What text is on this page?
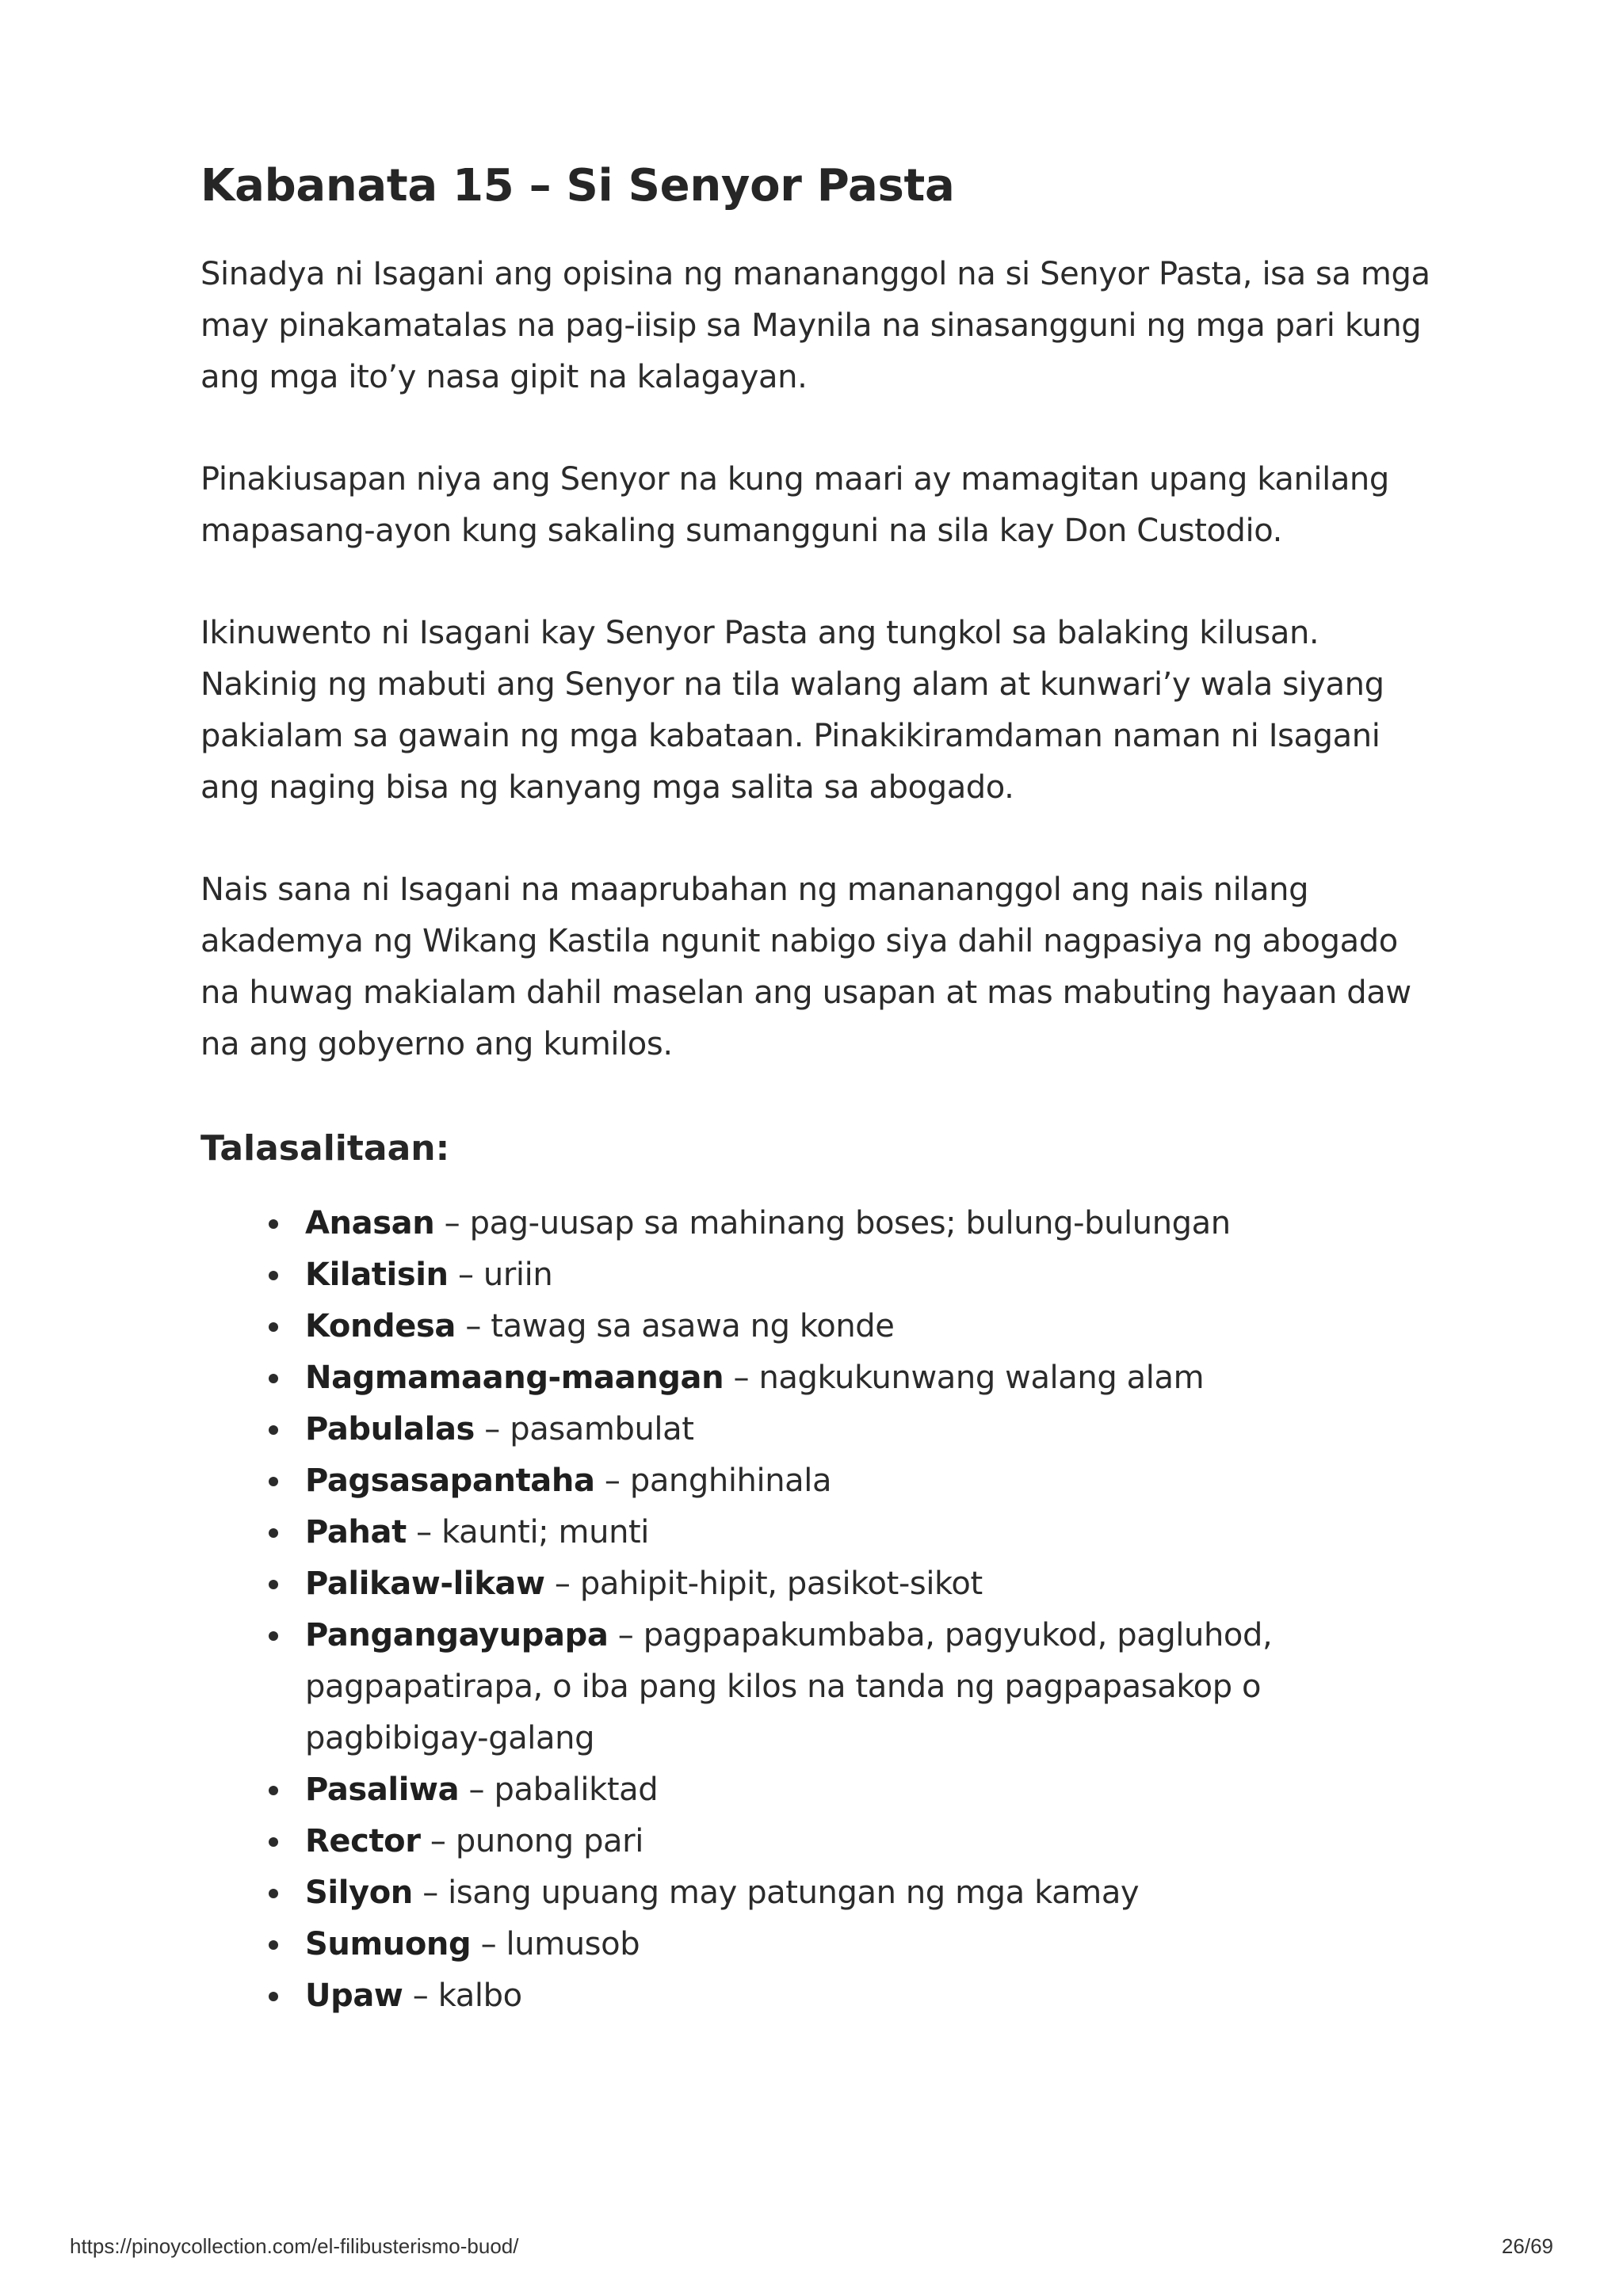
Kabanata 15 – Si Senyor Pasta

Sinadya ni Isagani ang opisina ng manananggol na si Senyor Pasta, isa sa mga may pinakamatalas na pag-iisip sa Maynila na sinasangguni ng mga pari kung ang mga ito’y nasa gipit na kalagayan.

Pinakiusapan niya ang Senyor na kung maari ay mamagitan upang kanilang mapasang-ayon kung sakaling sumangguni na sila kay Don Custodio.

Ikinuwento ni Isagani kay Senyor Pasta ang tungkol sa balaking kilusan. Nakinig ng mabuti ang Senyor na tila walang alam at kunwari’y wala siyang pakialam sa gawain ng mga kabataan. Pinakikiramdaman naman ni Isagani ang naging bisa ng kanyang mga salita sa abogado.

Nais sana ni Isagani na maaprubahan ng manananggol ang nais nilang akademya ng Wikang Kastila ngunit nabigo siya dahil nagpasiya ng abogado na huwag makialam dahil maselan ang usapan at mas mabuting hayaan daw na ang gobyerno ang kumilos.

Talasalitaan:
Anasan – pag-uusap sa mahinang boses; bulung-bulungan
Kilatisin – uriin
Kondesa – tawag sa asawa ng konde
Nagmamaang-maangan – nagkukunwang walang alam
Pabulalas – pasambulat
Pagsasapantaha – panghihinala
Pahat – kaunti; munti
Palikaw-likaw – pahipit-hipit, pasikot-sikot
Pangangayupapa – pagpapakumbaba, pagyukod, pagluhod, pagpapatirapa, o iba pang kilos na tanda ng pagpapasakop o pagbibigay-galang
Pasaliwa – pabaliktad
Rector – punong pari
Silyon – isang upuang may patungan ng mga kamay
Sumuong – lumusob
Upaw – kalbo
https://pinoycollection.com/el-filibusterismo-buod/	26/69
